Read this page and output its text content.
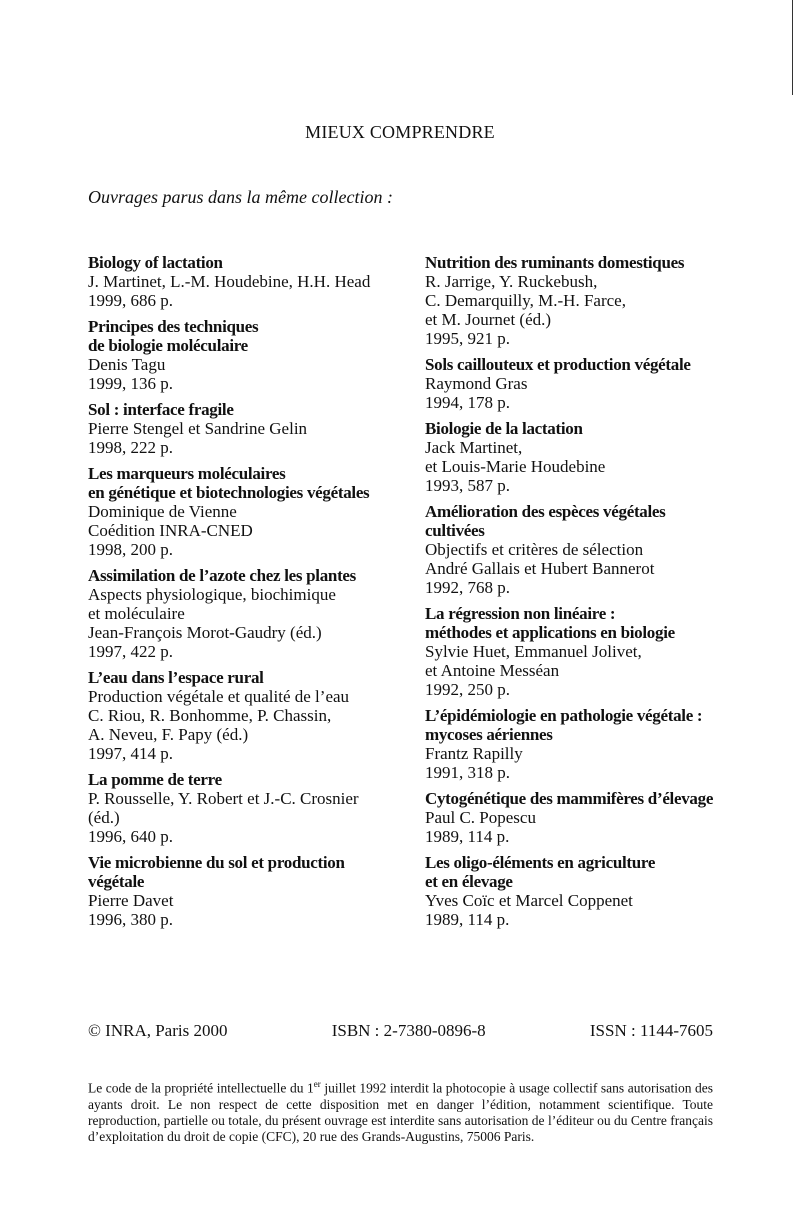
MIEUX COMPRENDRE
Ouvrages parus dans la même collection :
Biology of lactation
J. Martinet, L.-M. Houdebine, H.H. Head
1999, 686 p.
Principes des techniques
de biologie moléculaire
Denis Tagu
1999, 136 p.
Sol : interface fragile
Pierre Stengel et Sandrine Gelin
1998, 222 p.
Les marqueurs moléculaires
en génétique et biotechnologies végétales
Dominique de Vienne
Coédition INRA-CNED
1998, 200 p.
Assimilation de l’azote chez les plantes
Aspects physiologique, biochimique
et moléculaire
Jean-François Morot-Gaudry (éd.)
1997, 422 p.
L’eau dans l’espace rural
Production végétale et qualité de l’eau
C. Riou, R. Bonhomme, P. Chassin,
A. Neveu, F. Papy (éd.)
1997, 414 p.
La pomme de terre
P. Rousselle, Y. Robert et J.-C. Crosnier
(éd.)
1996, 640 p.
Vie microbienne du sol et production
végétale
Pierre Davet
1996, 380 p.
Nutrition des ruminants domestiques
R. Jarrige, Y. Ruckebush,
C. Demarquilly, M.-H. Farce,
et M. Journet (éd.)
1995, 921 p.
Sols caillouteux et production végétale
Raymond Gras
1994, 178 p.
Biologie de la lactation
Jack Martinet,
et Louis-Marie Houdebine
1993, 587 p.
Amélioration des espèces végétales
cultivées
Objectifs et critères de sélection
André Gallais et Hubert Bannerot
1992, 768 p.
La régression non linéaire :
méthodes et applications en biologie
Sylvie Huet, Emmanuel Jolivet,
et Antoine Messéan
1992, 250 p.
L’épidémiologie en pathologie végétale :
mycoses aériennes
Frantz Rapilly
1991, 318 p.
Cytogénétique des mammifères d’élevage
Paul C. Popescu
1989, 114 p.
Les oligo-éléments en agriculture
et en élevage
Yves Coïc et Marcel Coppenet
1989, 114 p.
© INRA, Paris 2000	ISBN : 2-7380-0896-8	ISSN : 1144-7605
Le code de la propriété intellectuelle du 1er juillet 1992 interdit la photocopie à usage collectif sans autorisation des ayants droit. Le non respect de cette disposition met en danger l’édition, notamment scientifique. Toute reproduction, partielle ou totale, du présent ouvrage est interdite sans autorisation de l’éditeur ou du Centre français d’exploitation du droit de copie (CFC), 20 rue des Grands-Augustins, 75006 Paris.
